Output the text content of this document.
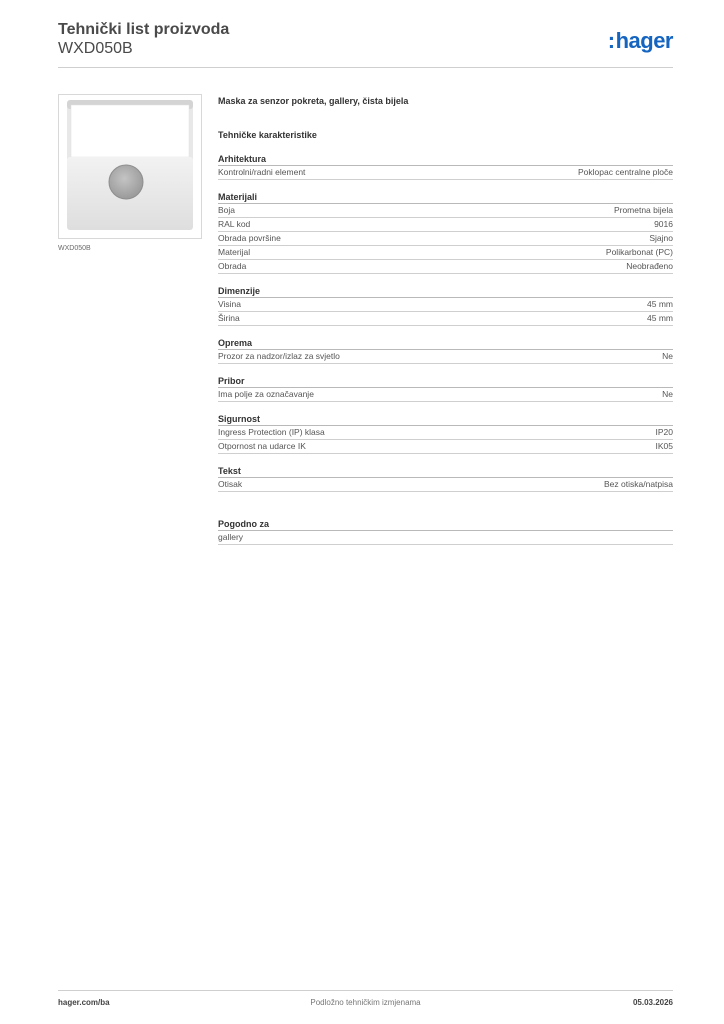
Tehnički list proizvoda
WXD050B	:hager
WXD050B
Maska za senzor pokreta, gallery, čista bijela
Tehničke karakteristike
Arhitektura
Kontrolni/radni element	Poklopac centralne ploče
Materijali
Boja	Prometna bijela
RAL kod	9016
Obrada površine	Sjajno
Materijal	Polikarbonat (PC)
Obrada	Neobrađeno
Dimenzije
Visina	45 mm
Širina	45 mm
Oprema
Prozor za nadzor/izlaz za svjetlo	Ne
Pribor
Ima polje za označavanje	Ne
Sigurnost
Ingress Protection (IP) klasa	IP20
Otpornost na udarce IK	IK05
Tekst
Otisak	Bez otiska/natpisa
Pogodno za
gallery
hager.com/ba	Podložno tehničkim izmjenama	05.03.2026
